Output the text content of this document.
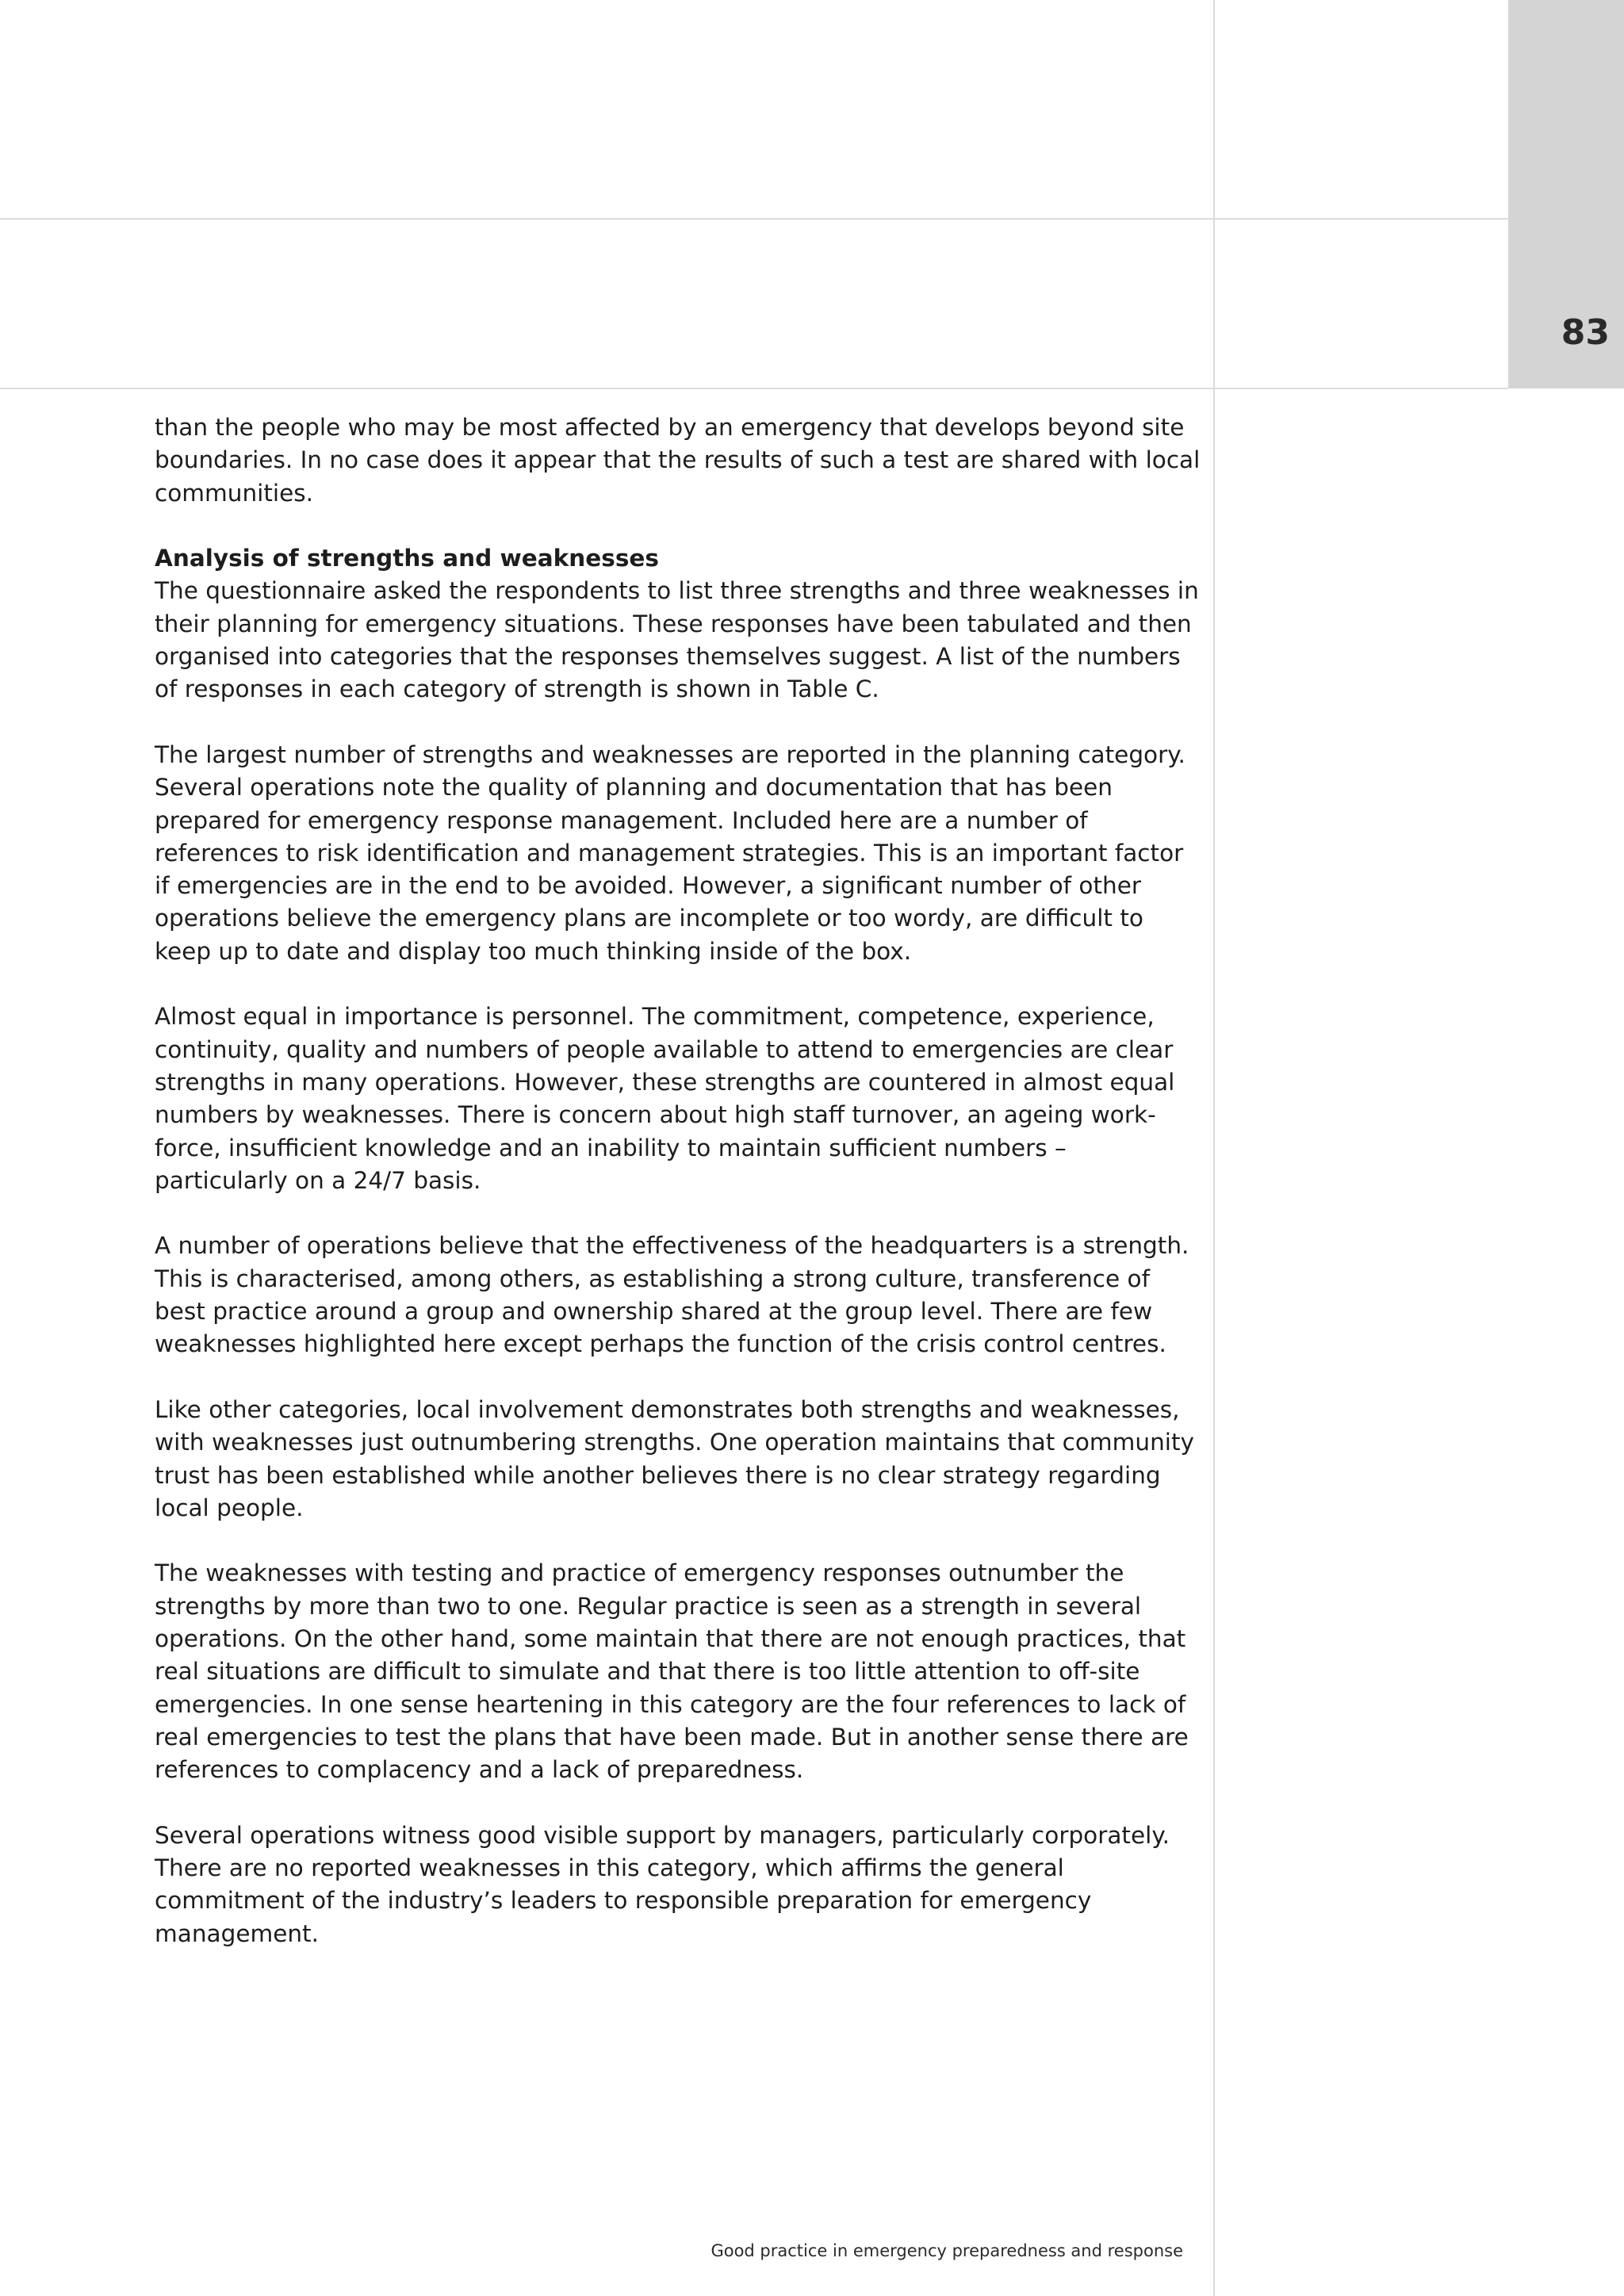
83

than the people who may be most affected by an emergency that develops beyond site boundaries. In no case does it appear that the results of such a test are shared with local communities.

Analysis of strengths and weaknesses
The questionnaire asked the respondents to list three strengths and three weaknesses in their planning for emergency situations. These responses have been tabulated and then organised into categories that the responses themselves suggest. A list of the numbers of responses in each category of strength is shown in Table C.

The largest number of strengths and weaknesses are reported in the planning category. Several operations note the quality of planning and documentation that has been prepared for emergency response management. Included here are a number of references to risk identification and management strategies. This is an important factor if emergencies are in the end to be avoided. However, a significant number of other operations believe the emergency plans are incomplete or too wordy, are difficult to keep up to date and display too much thinking inside of the box.

Almost equal in importance is personnel. The commitment, competence, experience, continuity, quality and numbers of people available to attend to emergencies are clear strengths in many operations. However, these strengths are countered in almost equal numbers by weaknesses. There is concern about high staff turnover, an ageing work-force, insufficient knowledge and an inability to maintain sufficient numbers – particularly on a 24/7 basis.

A number of operations believe that the effectiveness of the headquarters is a strength. This is characterised, among others, as establishing a strong culture, transference of best practice around a group and ownership shared at the group level. There are few weaknesses highlighted here except perhaps the function of the crisis control centres.

Like other categories, local involvement demonstrates both strengths and weaknesses, with weaknesses just outnumbering strengths. One operation maintains that community trust has been established while another believes there is no clear strategy regarding local people.

The weaknesses with testing and practice of emergency responses outnumber the strengths by more than two to one. Regular practice is seen as a strength in several operations. On the other hand, some maintain that there are not enough practices, that real situations are difficult to simulate and that there is too little attention to off-site emergencies. In one sense heartening in this category are the four references to lack of real emergencies to test the plans that have been made. But in another sense there are references to complacency and a lack of preparedness.

Several operations witness good visible support by managers, particularly corporately. There are no reported weaknesses in this category, which affirms the general commitment of the industry’s leaders to responsible preparation for emergency management.

Good practice in emergency preparedness and response
